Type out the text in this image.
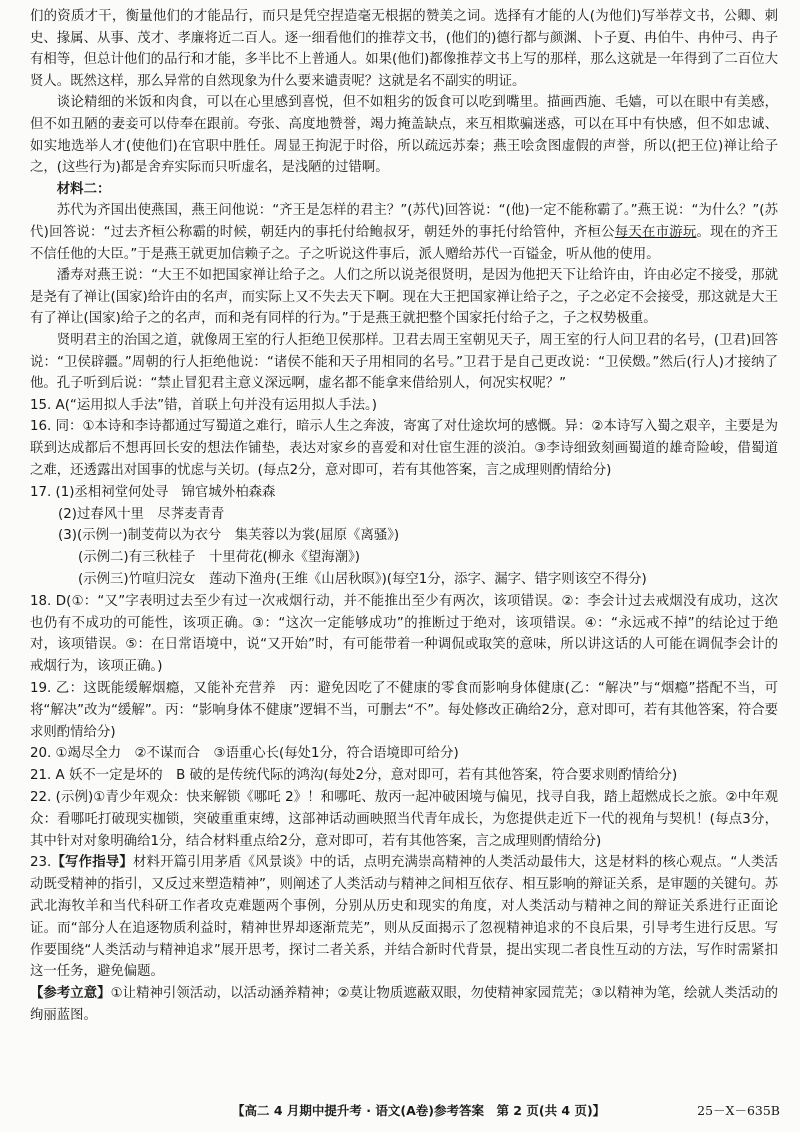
们的资质才干，衡量他们的才能品行，而只是凭空捏造毫无根据的赞美之词。选择有才能的人(为他们)写举荐文书，公卿、刺史、掾属、从事、茂才、孝廉将近二百人。逐一细看他们的推荐文书，(他们的)德行都与颜渊、卜子夏、冉伯牛、冉仲弓、冉子有相等，但总计他们的品行和才能，多半比不上普通人。如果(他们)都像推荐文书上写的那样，那么这就是一年得到了二百位大贤人。既然这样，那么异常的自然现象为什么要来谴责呢？这就是名不副实的明证。

谈论精细的米饭和肉食，可以在心里感到喜悦，但不如粗劣的饭食可以吃到嘴里。描画西施、毛嫱，可以在眼中有美感，但不如丑陋的妻妾可以侍奉在跟前。夸张、高度地赞誉，竭力掩盖缺点，来互相欺骗迷惑，可以在耳中有快感，但不如忠诚、如实地选举人才(使他们)在官职中胜任。周显王拘泥于时俗，所以疏远苏秦；燕王哙贪图虚假的声誉，所以(把王位)禅让给子之，(这些行为)都是舍弃实际而只听虚名，是浅陋的过错啊。

材料二：

苏代为齐国出使燕国，燕王问他说：“齐王是怎样的君主？”(苏代)回答说：“(他)一定不能称霸了。”燕王说：“为什么？”(苏代)回答说：“过去齐桓公称霸的时候，朝廷内的事托付给鲍叔牙，朝廷外的事托付给管仲，齐桓公每天在市游玩。现在的齐王不信任他的大臣。”于是燕王就更加信赖子之。子之听说这件事后，派人赠给苏代一百镒金，听从他的使用。

潘寿对燕王说：“大王不如把国家禅让给子之。人们之所以说尧很贤明，是因为他把天下让给许由，许由必定不接受，那就是尧有了禅让(国家)给许由的名声，而实际上又不失去天下啊。现在大王把国家禅让给子之，子之必定不会接受，那这就是大王有了禅让(国家)给子之的名声，而和尧有同样的行为。”于是燕王就把整个国家托付给子之，子之权势极重。

贤明君主的治国之道，就像周王室的行人拒绝卫侯那样。卫君去周王室朝见天子，周王室的行人问卫君的名号，(卫君)回答说：“卫侯辟疆。”周朝的行人拒绝他说：“诸侯不能和天子用相同的名号。”卫君于是自己更改说：“卫侯燬。”然后(行人)才接纳了他。孔子听到后说：“禁止冒犯君主意义深远啊，虚名都不能拿来借给别人，何况实权呢？”

15. A(“运用拟人手法”错，首联上句并没有运用拟人手法。)

16. 同：①本诗和李诗都通过写蜀道之难行，暗示人生之奔波，寄寓了对仕途坎坷的感慨。异：②本诗写入蜀之艰辛，主要是为联到达成都后不想再回长安的想法作铺垫，表达对家乡的喜爱和对仕宦生涯的淡泊。③李诗细致刻画蜀道的雄奇险峻，借蜀道之难，还透露出对国事的忧虑与关切。(每点2分，意对即可，若有其他答案，言之成理则酌情给分)

17. (1)丞相祠堂何处寻　锦官城外柏森森

(2)过春风十里　尽荠麦青青

(3)(示例一)制芰荷以为衣兮　集芙蓉以为裳(屈原《离骚》)

(示例二)有三秋桂子　十里荷花(柳永《望海潮》)

(示例三)竹喧归浣女　莲动下渔舟(王维《山居秋暝》)(每空1分，添字、漏字、错字则该空不得分)

18. D(①：“又”字表明过去至少有过一次戒烟行动，并不能推出至少有两次，该项错误。②：李会计过去戒烟没有成功，这次也仍有不成功的可能性，该项正确。③：“这次一定能够成功”的推断过于绝对，该项错误。④：“永远戒不掉”的结论过于绝对，该项错误。⑤：在日常语境中，说“又开始”时，有可能带着一种调侃或取笑的意味，所以讲这话的人可能在调侃李会计的戒烟行为，该项正确。)

19. 乙：这既能缓解烟瘾，又能补充营养　丙：避免因吃了不健康的零食而影响身体健康(乙：“解决”与“烟瘾”搭配不当，可将“解决”改为“缓解”。丙：“影响身体不健康”逻辑不当，可删去“不”。每处修改正确给2分，意对即可，若有其他答案，符合要求则酌情给分)

20. ①竭尽全力　②不谋而合　③语重心长(每处1分，符合语境即可给分)

21. A 妖不一定是坏的　B 破的是传统代际的鸿沟(每处2分，意对即可，若有其他答案，符合要求则酌情给分)

22. (示例)①青少年观众：快来解锁《哪吒 2》！和哪吒、敖丙一起冲破困境与偏见，找寻自我，踏上超燃成长之旅。②中年观众：看哪吒打破现实枷锁，突破重重束缚，这部神话动画映照当代青年成长，为您提供走近下一代的视角与契机！(每点3分，其中针对对象明确给1分，结合材料重点给2分，意对即可，若有其他答案，言之成理则酌情给分)

23.【写作指导】材料开篇引用茅盾《风景谈》中的话，点明充满崇高精神的人类活动最伟大，这是材料的核心观点。“人类活动既受精神的指引，又反过来塑造精神”，则阐述了人类活动与精神之间相互依存、相互影响的辩证关系，是审题的关键句。苏武北海牧羊和当代科研工作者攻克难题两个事例，分别从历史和现实的角度，对人类活动与精神之间的辩证关系进行正面论证。而“部分人在追逐物质利益时，精神世界却逐渐荒芜”，则从反面揭示了忽视精神追求的不良后果，引导考生进行反思。写作要围绕“人类活动与精神追求”展开思考，探讨二者关系，并结合新时代背景，提出实现二者良性互动的方法，写作时需紧扣这一任务，避免偏题。

【参考立意】①让精神引领活动，以活动涵养精神；②莫让物质遮蔽双眼，勿使精神家园荒芜；③以精神为笔，绘就人类活动的绚丽蓝图。

【高二 4 月期中提升考 · 语文(A卷)参考答案　第 2 页(共 4 页)】	25－X－635B
